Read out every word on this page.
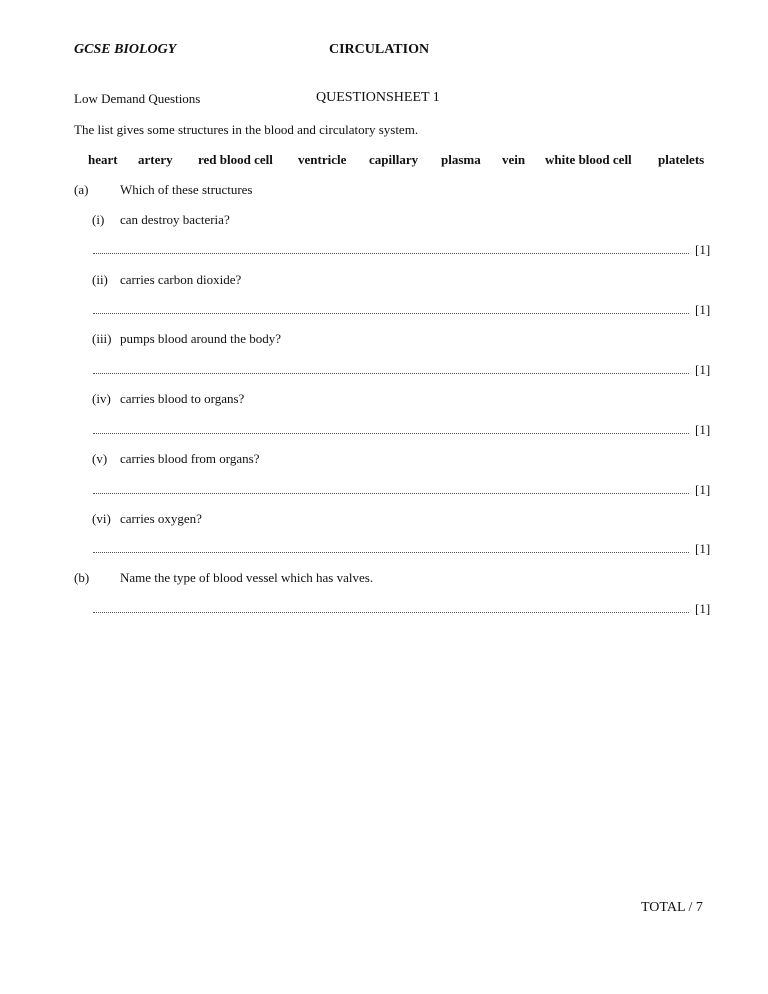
GCSE BIOLOGY	CIRCULATION
Low Demand Questions	QUESTIONSHEET 1
The list gives some structures in the blood and circulatory system.
heart artery red blood cell ventricle capillary plasma vein white blood cell platelets
(a) Which of these structures
(i) can destroy bacteria?
[1]
(ii) carries carbon dioxide?
[1]
(iii) pumps blood around the body?
[1]
(iv) carries blood to organs?
[1]
(v) carries blood from organs?
[1]
(vi) carries oxygen?
[1]
(b) Name the type of blood vessel which has valves.
[1]
TOTAL / 7
